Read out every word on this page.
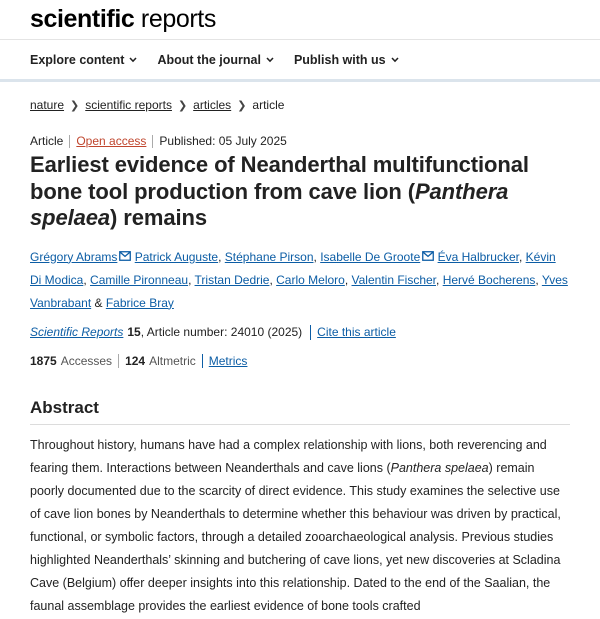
scientific reports
Explore content	About the journal	Publish with us
nature ❯ scientific reports ❯ articles ❯ article
Article Open access Published: 05 July 2025
Earliest evidence of Neanderthal multifunctional bone tool production from cave lion (Panthera spelaea) remains
Grégory Abrams Patrick Auguste, Stéphane Pirson, Isabelle De Groote Éva Halbrucker, Kévin Di Modica, Camille Pironneau, Tristan Dedrie, Carlo Meloro, Valentin Fischer, Hervé Bocherens, Yves Vanbrabant & Fabrice Bray
Scientific Reports 15 , Article number: 24010 (2025) Cite this article
1875 Accesses 124 Altmetric Metrics
Abstract

Throughout history, humans have had a complex relationship with lions, both reverencing and fearing them. Interactions between Neanderthals and cave lions (Panthera spelaea) remain poorly documented due to the scarcity of direct evidence. This study examines the selective use of cave lion bones by Neanderthals to determine whether this behaviour was driven by practical, functional, or symbolic factors, through a detailed zooarchaeological analysis. Previous studies highlighted Neanderthals’ skinning and butchering of cave lions, yet new discoveries at Scladina Cave (Belgium) offer deeper insights into this relationship. Dated to the end of the Saalian, the faunal assemblage provides the earliest evidence of bone tools crafted
